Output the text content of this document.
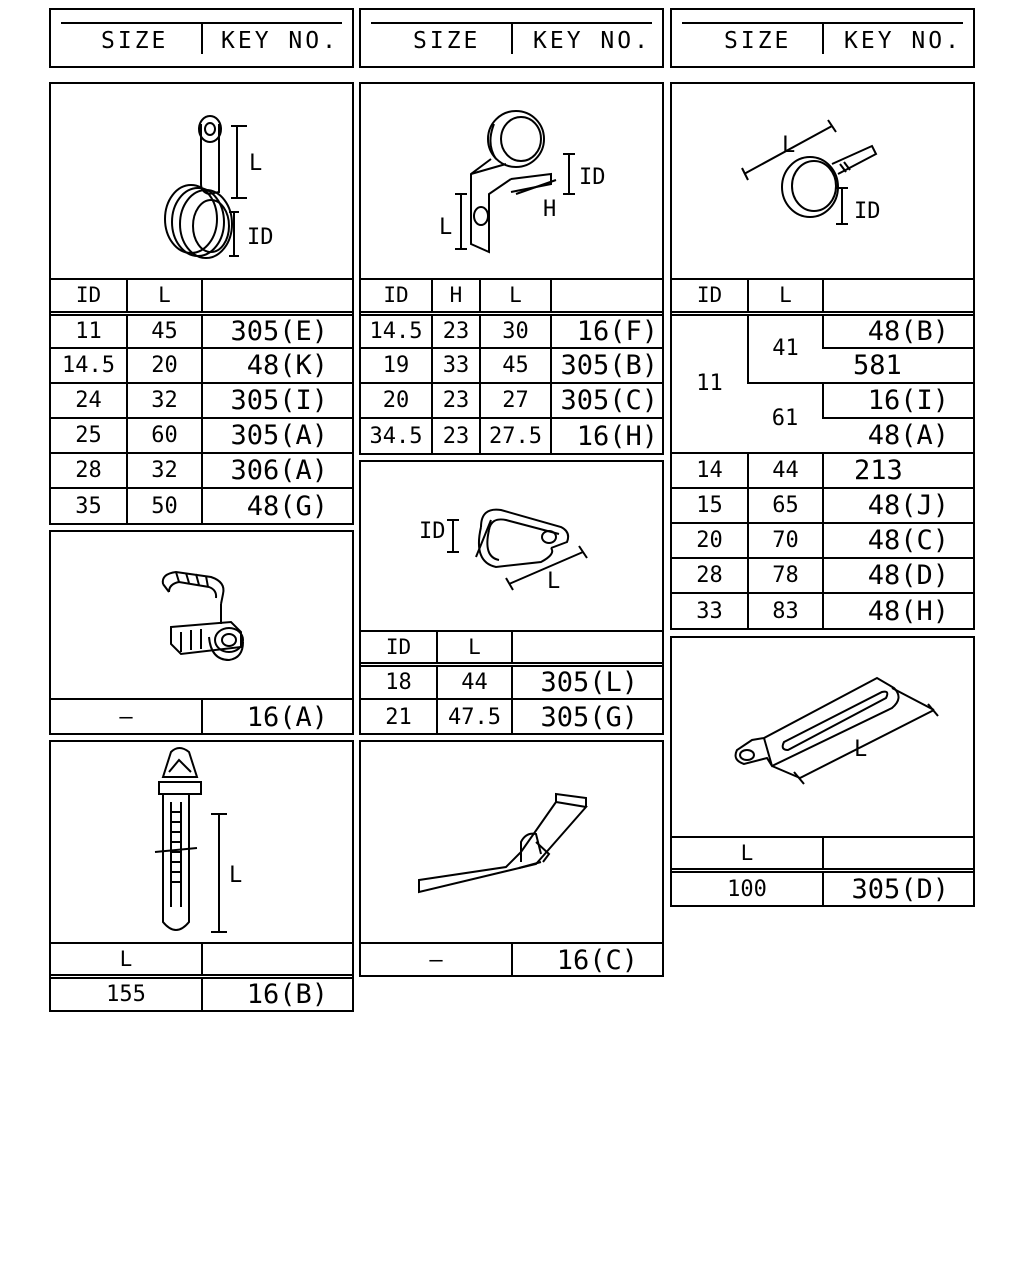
SIZE KEY NO.	SIZE KEY NO.	SIZE KEY NO.
L
ID
ID	L	
11	45	305(E)
14.5	20	48(K)
24	32	305(I)
25	60	305(A)
28	32	306(A)
35	50	48(G)
—	16(A)
L
L	
155	16(B)
ID
H
L
ID	H	L	
14.5	23	30	16(F)
19	33	45	305(B)
20	23	27	305(C)
34.5	23	27.5	16(H)
ID
L
ID	L	
18	44	305(L)
21	47.5	305(G)
—	16(C)
L
ID
ID	L	
11	41	48(B)
		581
	61	16(I)
		48(A)
14	44	213
15	65	48(J)
20	70	48(C)
28	78	48(D)
33	83	48(H)
L
L	
100	305(D)
